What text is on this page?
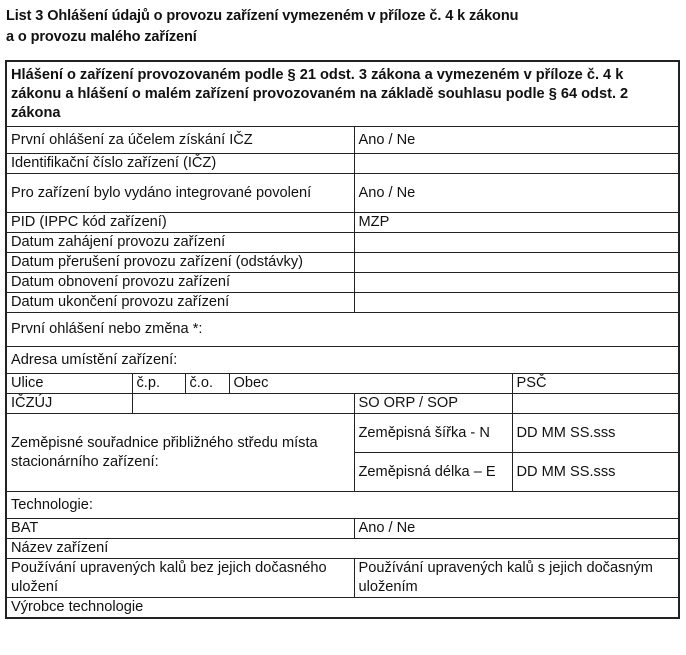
List 3 Ohlášení údajů o provozu zařízení vymezeném v příloze č. 4 k zákonu
a o provozu malého zařízení
Hlášení o zařízení provozovaném podle § 21 odst. 3 zákona a vymezeném v příloze č. 4 k zákonu a hlášení o malém zařízení provozovaném na základě souhlasu podle § 64 odst. 2 zákona					
První ohlášení za účelem získání IČZ				Ano / Ne	
Identifikační číslo zařízení (IČZ)					
Pro zařízení bylo vydáno integrované povolení				Ano / Ne	
PID (IPPC kód zařízení)				MZP	
Datum zahájení provozu zařízení					
Datum přerušení provozu zařízení (odstávky)					
Datum obnovení provozu zařízení					
Datum ukončení provozu zařízení					
První ohlášení nebo změna *:					
Adresa umístění zařízení:					
Ulice	č.p.	č.o.	Obec		PSČ
IČZÚJ				SO ORP / SOP	
Zeměpisné souřadnice přibližného středu místa stacionárního zařízení:				Zeměpisná šířka - N	DD MM SS.sss
				Zeměpisná délka – E	DD MM SS.sss
Technologie:					
BAT				Ano / Ne	
Název zařízení					
Používání upravených kalů bez jejich dočasného uložení				Používání upravených kalů s jejich dočasným uložením	
Výrobce technologie					
